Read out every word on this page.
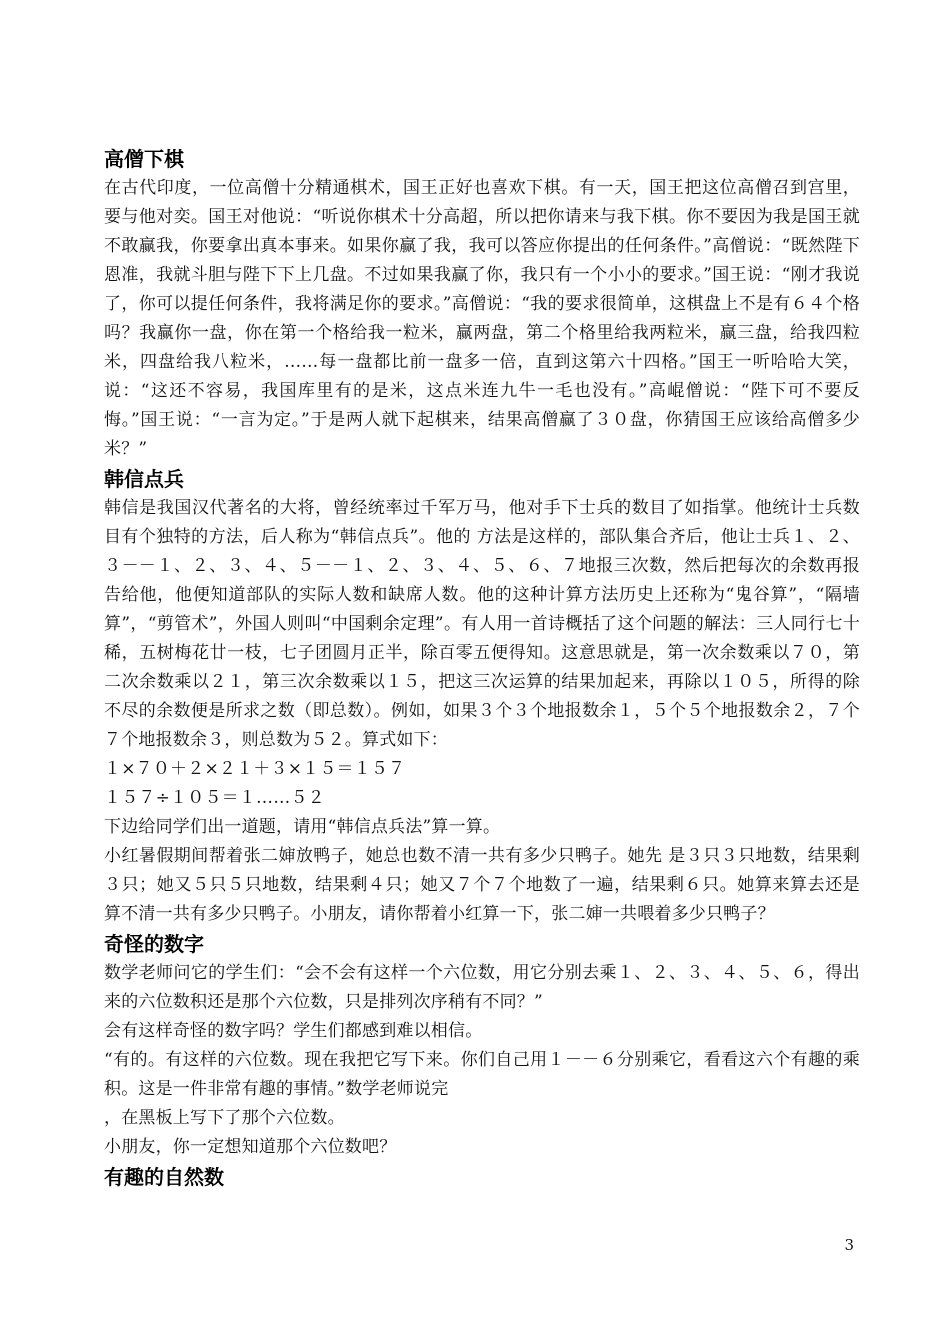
高僧下棋

在古代印度，一位高僧十分精通棋术，国王正好也喜欢下棋。有一天，国王把这位高僧召到宫里，要与他对奕。国王对他说：“听说你棋术十分高超，所以把你请来与我下棋。你不要因为我是国王就不敢赢我，你要拿出真本事来。如果你赢了我，我可以答应你提出的任何条件。”高僧说：“既然陛下恩准，我就斗胆与陛下下上几盘。不过如果我赢了你，我只有一个小小的要求。”国王说：“刚才我说了，你可以提任何条件，我将满足你的要求。”高僧说：“我的要求很简单，这棋盘上不是有６４个格吗？我赢你一盘，你在第一个格给我一粒米，赢两盘，第二个格里给我两粒米，赢三盘，给我四粒米，四盘给我八粒米，……每一盘都比前一盘多一倍，直到这第六十四格。”国王一听哈哈大笑，说：“这还不容易，我国库里有的是米，这点米连九牛一毛也没有。”高崐僧说：“陛下可不要反悔。”国王说：“一言为定。”于是两人就下起棋来，结果高僧赢了３０盘，你猜国王应该给高僧多少米？”

韩信点兵

韩信是我国汉代著名的大将，曾经统率过千军万马，他对手下士兵的数目了如指掌。他统计士兵数目有个独特的方法，后人称为“韩信点兵”。他的 方法是这样的，部队集合齐后，他让士兵１、２、３－－１、２、３、４、５－－１、２、３、４、５、６、７地报三次数，然后把每次的余数再报告给他，他便知道部队的实际人数和缺席人数。他的这种计算方法历史上还称为“鬼谷算”，“隔墙算”，“剪管术”，外国人则叫“中国剩余定理”。有人用一首诗概括了这个问题的解法：三人同行七十稀，五树梅花廿一枝，七子团圆月正半，除百零五便得知。这意思就是，第一次余数乘以７０，第二次余数乘以２１，第三次余数乘以１５，把这三次运算的结果加起来，再除以１０５，所得的除不尽的余数便是所求之数（即总数）。例如，如果３个３个地报数余１，５个５个地报数余２，７个７个地报数余３，则总数为５２。算式如下：

１×７０＋２×２１＋３×１５＝１５７

１５７÷１０５＝１……５２

下边给同学们出一道题，请用“韩信点兵法”算一算。

小红暑假期间帮着张二婶放鸭子，她总也数不清一共有多少只鸭子。她先 是３只３只地数，结果剩３只；她又５只５只地数，结果剩４只；她又７个７个地数了一遍，结果剩６只。她算来算去还是算不清一共有多少只鸭子。小朋友，请你帮着小红算一下，张二婶一共喂着多少只鸭子？

奇怪的数字

数学老师问它的学生们：“会不会有这样一个六位数，用它分别去乘１、２、３、４、５、６，得出来的六位数积还是那个六位数，只是排列次序稍有不同？”

会有这样奇怪的数字吗？学生们都感到难以相信。

“有的。有这样的六位数。现在我把它写下来。你们自己用１－－６分别乘它，看看这六个有趣的乘积。这是一件非常有趣的事情。”数学老师说完

，在黑板上写下了那个六位数。

小朋友，你一定想知道那个六位数吧？

有趣的自然数
3
